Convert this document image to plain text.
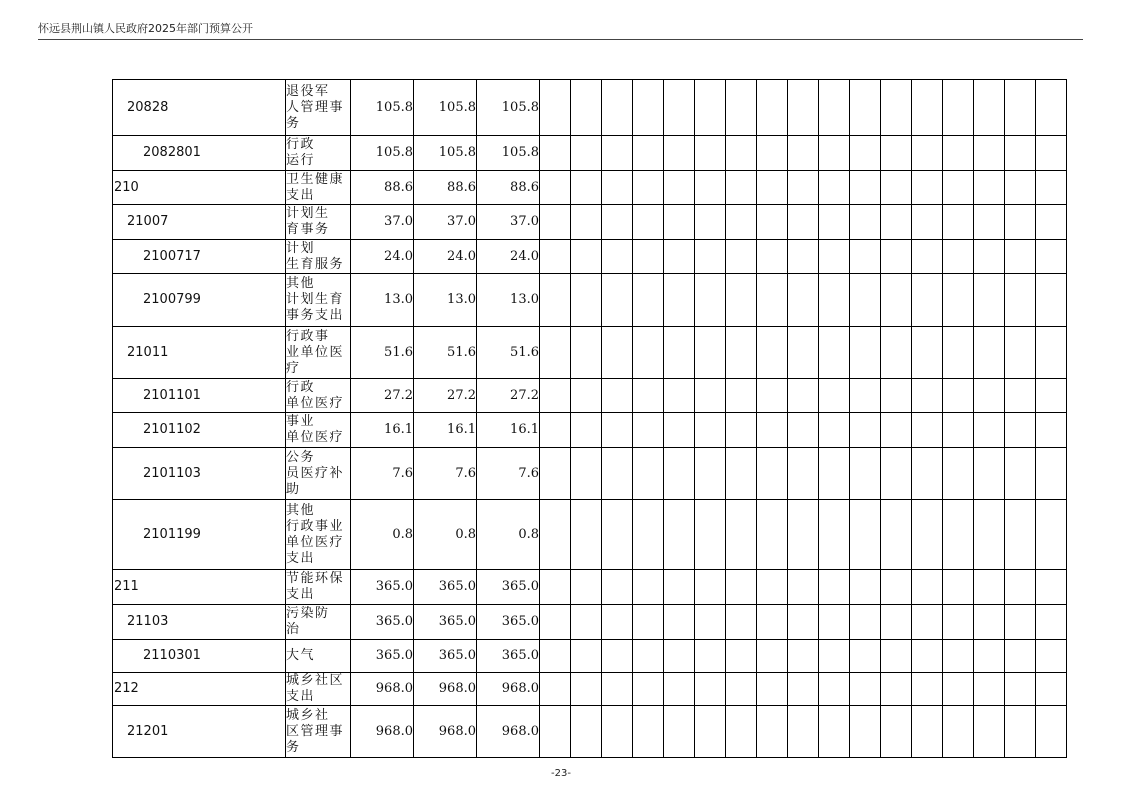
怀远县荆山镇人民政府2025年部门预算公开
20828	退役军
人管理事
务	105.8	105.8	105.8																	
2082801	行政
运行	105.8	105.8	105.8																	
210	卫生健康
支出	88.6	88.6	88.6																	
21007	计划生
育事务	37.0	37.0	37.0																	
2100717	计划
生育服务	24.0	24.0	24.0																	
2100799	其他
计划生育
事务支出	13.0	13.0	13.0																	
21011	行政事
业单位医
疗	51.6	51.6	51.6																	
2101101	行政
单位医疗	27.2	27.2	27.2																	
2101102	事业
单位医疗	16.1	16.1	16.1																	
2101103	公务
员医疗补
助	7.6	7.6	7.6																	
2101199	其他
行政事业
单位医疗
支出	0.8	0.8	0.8																	
211	节能环保
支出	365.0	365.0	365.0																	
21103	污染防
治	365.0	365.0	365.0																	
2110301	大气	365.0	365.0	365.0																	
212	城乡社区
支出	968.0	968.0	968.0																	
21201	城乡社
区管理事
务	968.0	968.0	968.0																	
-23-
